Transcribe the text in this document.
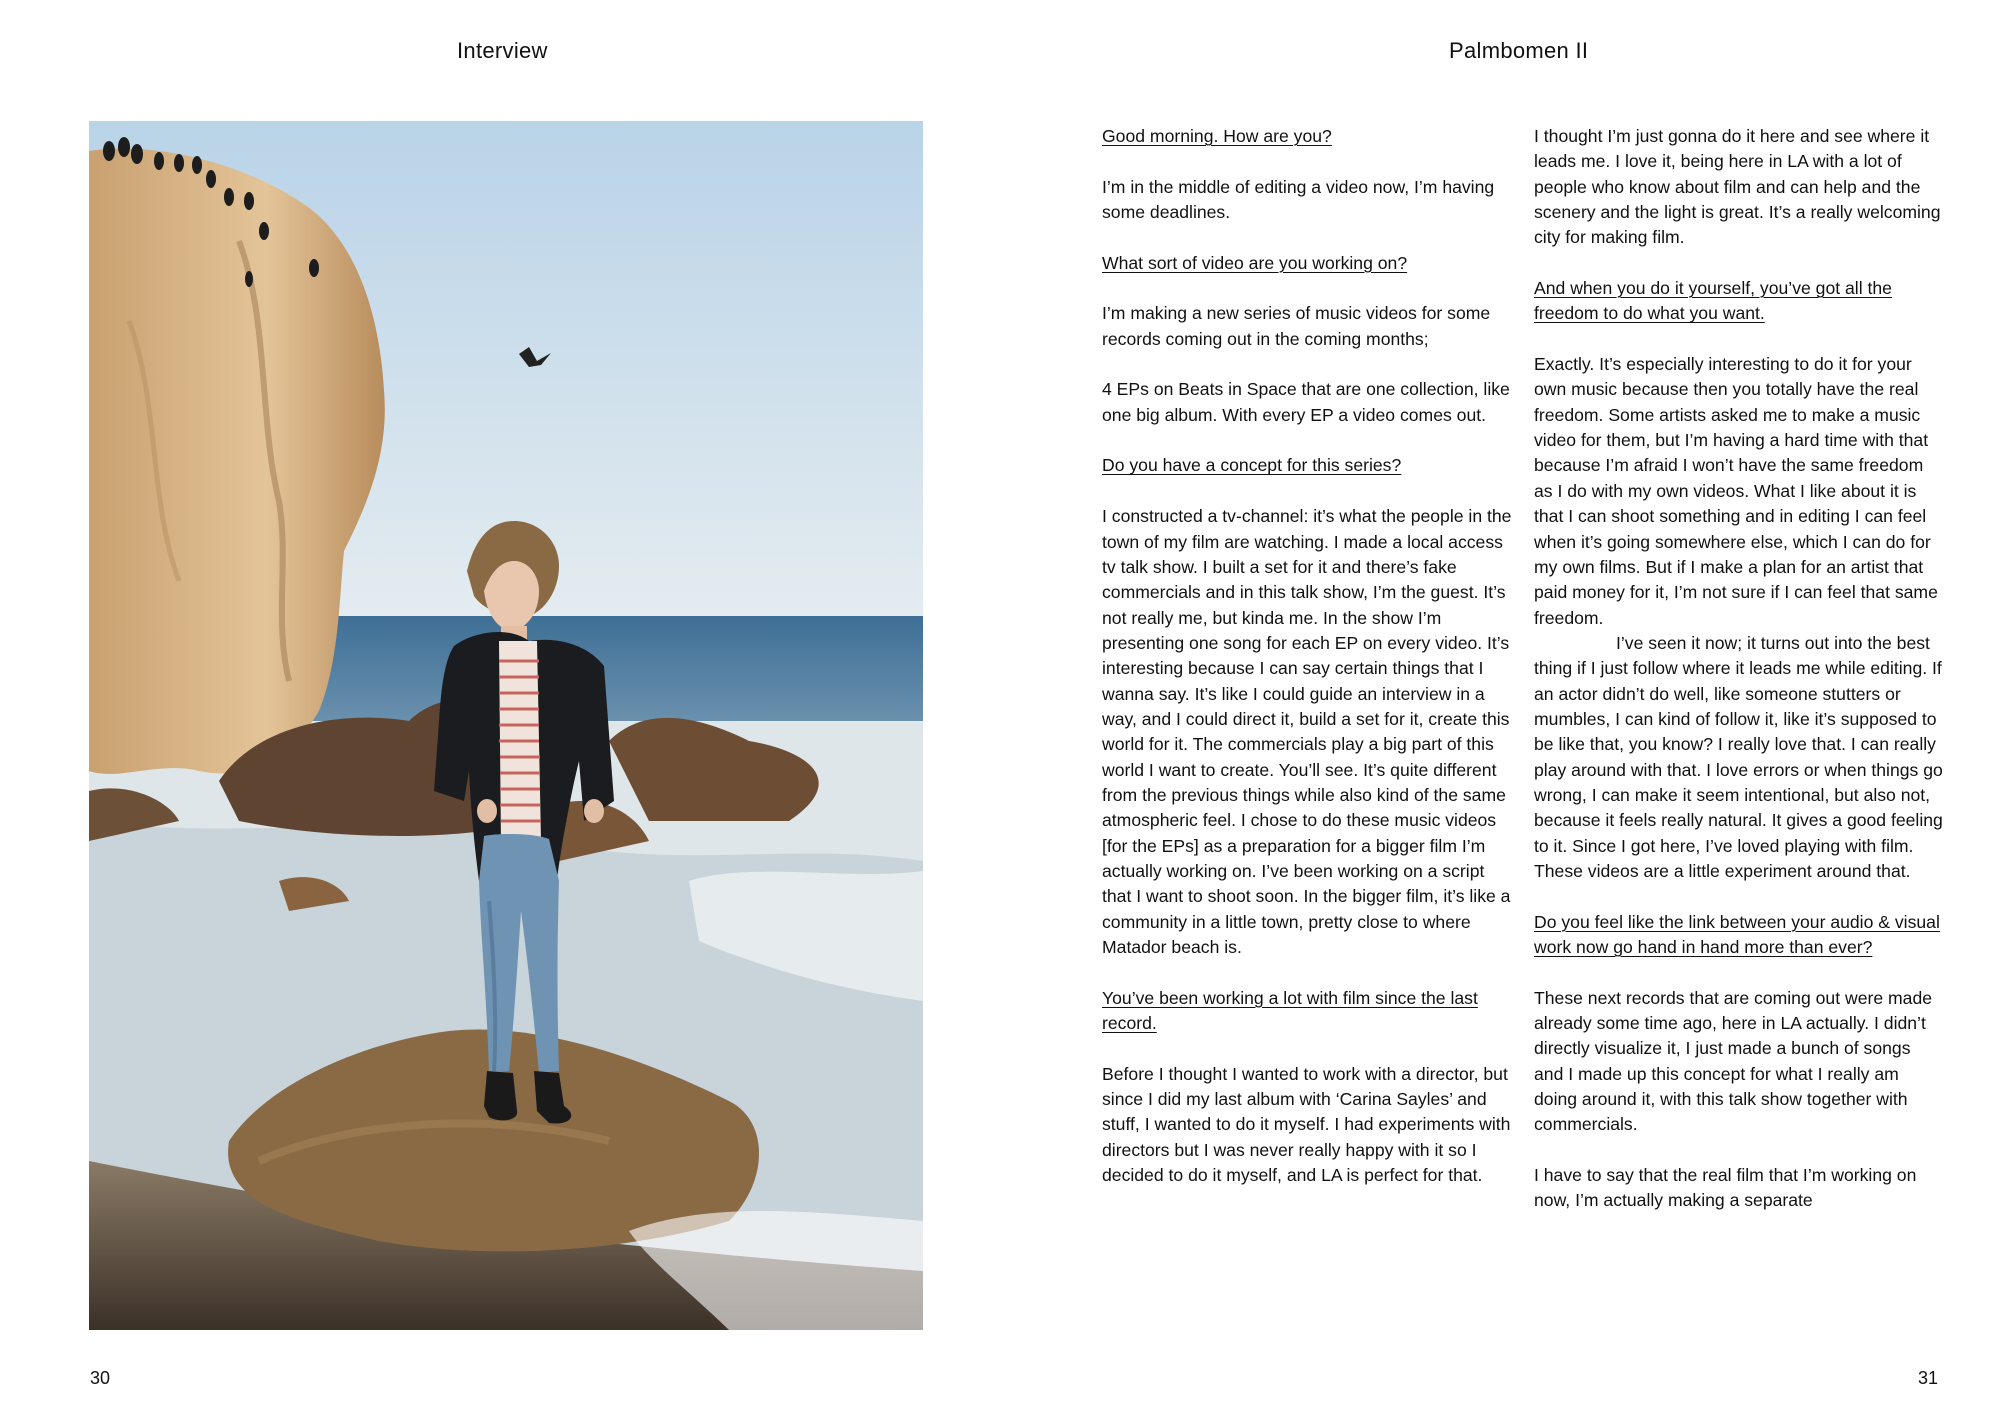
Interview	Palmbomen II

Good morning. How are you?

I’m in the middle of editing a video now, I’m having some deadlines.

What sort of video are you working on?

I’m making a new series of music videos for some records coming out in the coming months;

4 EPs on Beats in Space that are one collection, like one big album. With every EP a video comes out.

Do you have a concept for this series?

I constructed a tv-channel: it’s what the people in the town of my film are watching. I made a local access tv talk show. I built a set for it and there’s fake commercials and in this talk show, I’m the guest. It’s not really me, but kinda me. In the show I’m presenting one song for each EP on every video. It’s interesting because I can say certain things that I wanna say. It’s like I could guide an interview in a way, and I could direct it, build a set for it, create this world for it. The commercials play a big part of this world I want to create. You’ll see. It’s quite different from the previous things while also kind of the same atmospheric feel. I chose to do these music videos [for the EPs] as a preparation for a bigger film I’m actually working on. I’ve been working on a script that I want to shoot soon. In the bigger film, it’s like a community in a little town, pretty close to where Matador beach is.

You’ve been working a lot with film since the last record.

Before I thought I wanted to work with a director, but since I did my last album with ‘Carina Sayles’ and stuff, I wanted to do it myself. I had experiments with directors but I was never really happy with it so I decided to do it myself, and LA is perfect for that.

I thought I’m just gonna do it here and see where it leads me. I love it, being here in LA with a lot of people who know about film and can help and the scenery and the light is great. It’s a really welcoming city for making film.

And when you do it yourself, you’ve got all the freedom to do what you want.

Exactly. It’s especially interesting to do it for your own music because then you totally have the real freedom. Some artists asked me to make a music video for them, but I’m having a hard time with that because I’m afraid I won’t have the same freedom as I do with my own videos. What I like about it is that I can shoot something and in editing I can feel when it’s going somewhere else, which I can do for my own films. But if I make a plan for an artist that paid money for it, I’m not sure if I can feel that same freedom.

I’ve seen it now; it turns out into the best thing if I just follow where it leads me while editing. If an actor didn’t do well, like someone stutters or mumbles, I can kind of follow it, like it’s supposed to be like that, you know? I really love that. I can really play around with that. I love errors or when things go wrong, I can make it seem intentional, but also not, because it feels really natural. It gives a good feeling to it. Since I got here, I’ve loved playing with film. These videos are a little experiment around that.

Do you feel like the link between your audio & visual work now go hand in hand more than ever?

These next records that are coming out were made already some time ago, here in LA actually. I didn’t directly visualize it, I just made a bunch of songs and I made up this concept for what I really am doing around it, with this talk show together with commercials.

I have to say that the real film that I’m working on now, I’m actually making a separate

30	31
